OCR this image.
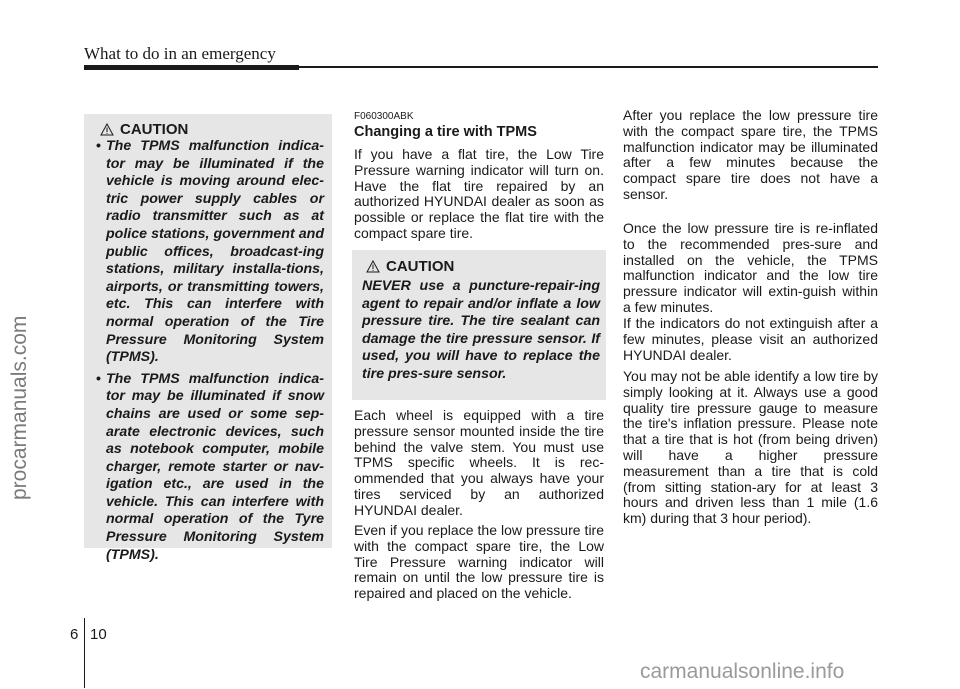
What to do in an emergency
procarmanuals.com
carmanualsonline.info
CAUTION
• The TPMS malfunction indica-tor may be illuminated if the vehicle is moving around elec-tric power supply cables or radio transmitter such as at police stations, government and public offices, broadcast-ing stations, military installa-tions, airports, or transmitting towers, etc. This can interfere with normal operation of the Tire Pressure Monitoring System (TPMS).
• The TPMS malfunction indica-tor may be illuminated if snow chains are used or some sep-arate electronic devices, such as notebook computer, mobile charger, remote starter or nav-igation etc., are used in the vehicle. This can interfere with normal operation of the Tyre Pressure Monitoring System (TPMS).
F060300ABK
Changing a tire with TPMS

If you have a flat tire, the Low Tire Pressure warning indicator will turn on. Have the flat tire repaired by an authorized HYUNDAI dealer as soon as possible or replace the flat tire with the compact spare tire.

CAUTION

NEVER use a puncture-repair-ing agent to repair and/or inflate a low pressure tire. The tire sealant can damage the tire pressure sensor. If used, you will have to replace the tire pres-sure sensor.

Each wheel is equipped with a tire pressure sensor mounted inside the tire behind the valve stem. You must use TPMS specific wheels. It is rec-ommended that you always have your tires serviced by an authorized HYUNDAI dealer.

Even if you replace the low pressure tire with the compact spare tire, the Low Tire Pressure warning indicator will remain on until the low pressure tire is repaired and placed on the vehicle.

After you replace the low pressure tire with the compact spare tire, the TPMS malfunction indicator may be illuminated after a few minutes because the compact spare tire does not have a sensor.

Once the low pressure tire is re-inflated to the recommended pres-sure and installed on the vehicle, the TPMS malfunction indicator and the low tire pressure indicator will extin-guish within a few minutes.

If the indicators do not extinguish after a few minutes, please visit an authorized HYUNDAI dealer.

You may not be able identify a low tire by simply looking at it. Always use a good quality tire pressure gauge to measure the tire's inflation pressure. Please note that a tire that is hot (from being driven) will have a higher pressure measurement than a tire that is cold (from sitting station-ary for at least 3 hours and driven less than 1 mile (1.6 km) during that 3 hour period).

6 10
